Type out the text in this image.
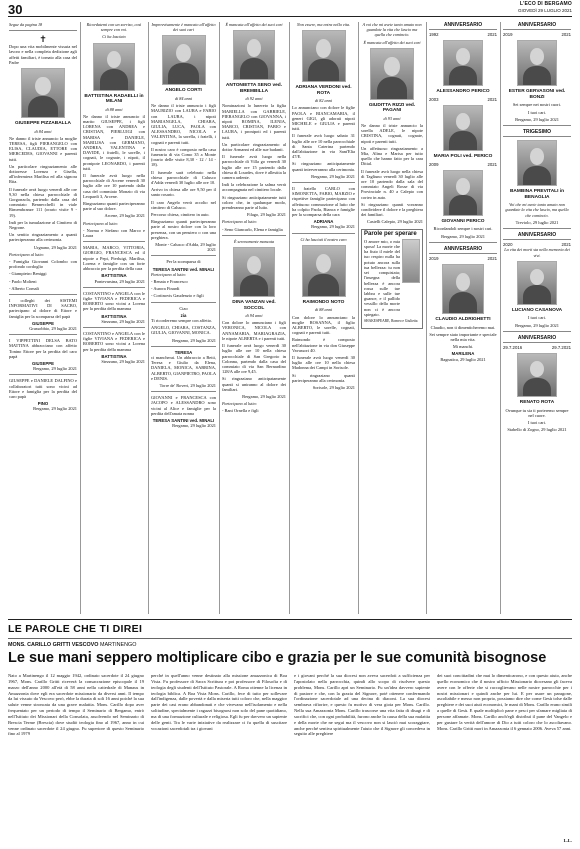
30	L'ECO DI BERGAMO
GIOVEDÌ 29 LUGLIO 2021

Segue da pagina 18

✝

Dopo una vita mobilmente vissuta nel lavoro e nella completa dedizione agli affetti familiari, è tornato alla casa del Padre

GIUSEPPE PIZZABALLA
di 84 anni

Ne danno il triste annuncio la moglie TERESA, figli PIERANGELO con ELISA, CLAUDIA, ETTORE con MERCEDES, GIOVANNI e parenti tutti.

Un particolare ringraziamento alle dottoresse Lorenza e Gisella, all'infermiera Marilisa ed alla signora Rita.

Il funerale avrà luogo venerdì alle ore 9,30 nella chiesa parrocchiale di Gorgonzola, partendo dalla casa del commiato Bennecchelli in viale Rimembranze 111 (orario visite 9 - 19).

Indi per la tumulazione al Cimitero di Negrone.

Un sentito ringraziamento a quanti parteciperanno alla cerimonia.

Urgnano, 29 luglio 2021

Partecipano al lutto:

- Famiglia Giovanni Colombo con profondo cordoglio

- Giampietro Beniggi

- Paolo Molteni

- Alberto Cornali

I colleghi dei SISTEMI INFORMATIVI DI SACBO, partecipano al dolore di Ettore e famiglia per la scomparsa del papà

GIUSEPPE

Grassobbio, 29 luglio 2021

I VIPPETTINI DELSA BATO MATTINA abbracciano con affetto Tonino Ettore per la perdita del caro papà

GIUSEPPE

Bergamo, 29 luglio 2021

GIUSEPPE e DANIELE DALFINO e collaboratori tutti sono vicini ad Ettore e famiglia per la perdita del caro papà

PINO

Bergamo, 29 luglio 2021

Ricordatemi con un sorriso, così sempre con voi.

Ci ha lasciato

BATTISTINA RADAELLI in MILANI
di 88 anni

Ne danno il triste annuncio il marito GIUSEPPE, i figli LORENA con ANDREA e CRISTIAN, PIERLUIGI con MARISA e DANIELE, MARILISA con GERMANO, ANDREA, VALENTINA e DAVIDE, i fratelli, le sorelle, i cognati, le cognate, i nipoti, il pronipote LEONARDO, i parenti tutti.

Il funerale avrà luogo nella parrocchiale di Arcene venerdì 30 luglio alle ore 10 partendo dalla casa del commiato Monzio di via Leopardi 3, Arcene.

Ringraziamo quanti parteciperanno parte al suo dolore.

Arcene, 29 luglio 2021

Partecipano al lutto:

- Norma e Stefano con Marco e Laura

MARIA, MARCO, VITTORIA, GIORGIO, FRANCESCA ed il nipote a Pepi, Pierluigi, Marilisa, Lorena e famiglie con un forte abbraccio per la perdita della cara

BATTISTINA

Pontevarsina, 29 luglio 2021

COSTANTINO e ANGELA con le figlie VIVIANA e FEDERICA e ROBERTO sono vicini a Lorena per la perdita della mamma

BATTISTINA

Stezzano, 29 luglio 2021

COSTANTINO e ANGELA con le figlie VIVIANA e FEDERICA e ROBERTO sono vicini a Lorena per la perdita della mamma

BATTISTINA

Stezzano, 29 luglio 2021

Improvvisamente è mancato all'affetto dei suoi cari

ANGELO CORTI
di 84 anni

Ne danno il triste annuncio i figli MAURIZIO con LAURA e FABIO con LAURA, i nipoti MARIANGELA, CHIARA, GIULIA, LUCA, PAOLA con ALESSANDRO, NICOLA e VALENTINA, la sorella, i fratelli, i cognati e parenti tutti.

Il nostro caro è composto nella casa funeraria di via Como 35 a Monte (orario delle visite 8,30 - 12 / 14 - 18).

Il funerale sarà celebrato nella chiesa parrocchiale di Calusco d'Adda venerdì 30 luglio alle ore 10.

Arrivo in chiesa alle ore 9,50 per il santo rosario.

Il caro Angelo verrà accolto nel cimitero di Calusco.

Percorso chiesa, cimitero in auto.

Ringraziamo quanti parteciperanno parte al nostro dolore con la loro presenza, con un pensiero o con una preghiera.

Monte - Calusco d'Adda, 29 luglio 2021

Per la scomparsa di

TERESA SANTINI ved. MINALI

Partecipano al lutto:

- Renata e Francesco

- Aurora Finardi

- Cortinovis Gaudenzio e figli

Ciao

zia

Ti ricorderemo sempre con affetto.

ANGELO, CHIARA, COSTANZA, GIULIA, GIOVANNI, MONICA.

Bergamo, 29 luglio 2021

TERESA

ci mancherai. Un abbraccio a Betti, Teresa e Giulio da Elena, DANIELA, MONICA, SABRINA, ALBERTO, GIANPIETRO, PAOLA e DENIS.

Torre de' Roveri, 29 luglio 2021

GIOVANNI e FRANCESCA con JACOPO e ALESSANDRO sono vicini al Alice e famiglie per la perdita dell'amata nonna

TERESA SANTINI ved. MINALI

Bergamo, 29 luglio 2021

È mancata all'affetto dei suoi cari

ANTONIETTA SENO ved. BREMBILLA
di 92 anni

Nominazioni lo lunereto la figlia MARIELLA con GABRIELE, PIERANGELO con GIOVANNA, i nipoti ROMINA, ILENIA, MARCO, CRISTIAN, FABIO e LAURA, i pronipoti ed i parenti tutti.

Un particolare ringraziamento al dottor Armanni ed alle sue badanti.

Il funerale avrà luogo nella parrocchiale di Villa go venerdì 30 luglio alle ore 15 partendo dalla chiesa di Lourdes, dove è allestita la camera ardente.

Indi la celebrazione la salma verrà accompagnata nel cimitero locale.

Si ringraziano anticipatamente tutti coloro che, in qualunque modo, prenderanno parte al lutto.

Filago, 29 luglio 2021

Partecipano al lutto:

- Seno Giancarlo, Elena e famiglia

È serenamente mancata

DINA VANZAN ved. SOCCOL
di 94 anni

Con dolore lo annunciano i figli VERONICA, NICOLA con ANNAMARIA, MARIAGRAZIA, le nipote ALBERTA e i parenti tutti.

Il funerale avrà luogo venerdì 30 luglio alle ore 10 nella chiesa parrocchiale di San Gregorio in Colonna, partendo dalla casa del commiato di via San Bernardino 128/A alle ore 9,45.

Si ringraziano anticipatamente quanti si uniranno al dolore dei familiari.

Bergamo, 29 luglio 2021

Partecipano al lutto:

- Bani Ornella e figli

Non essere, ma entra nella vita.

ADRIANA VERDONI ved. ROTA
di 82 anni

Lo annunciano con dolore le figlie PAOLA e BIANCAMARIA, il generi GIGI, gli adorati nipoti MICHELE e GIULIA e parenti tutti.

Il funerale avrà luogo sabato 31 luglio alle ore 10 nella parrocchiale di Santa Caterina partendo dall'abitazione in via Sant'Elia 47/E.

Si ringraziano anticipatamente quanti interverranno alla cerimonia.

Bergamo, 29 luglio 2021

Il fratello CARLO con SIMONETTA, FABIO, MARZIO e rispettive famiglie partecipano con affettuoso commozione al lutto che ha colpito Paola, Bianca e famiglie per la scomparsa della cara

ADRIANA

Bergamo, 29 luglio 2021

Ci ha lasciati il nostro caro

RAIMONDO NOTO
di 88 anni

Con dolore lo annunciano la moglie ROSANNA, il figlio ALBERTO, le sorelle, cognati, cognati e parenti tutti.

Raimondo è composto nell'abitazione in via don Giuseppe Vavassori 40.

Il funerale avrà luogo venerdì 30 luglio alle ore 10 nella chiesa Madonna dei Campi in Sorisole.

Si ringraziano quanti parteciperanno alla cerimonia.

Sorisole, 29 luglio 2021

A voi che mi avete tanto amato non guardate la vita che lascio ma quella che comincio.

È mancata all'affetto dei suoi cari

GIUDITTA RIZZI ved. PAGANI
di 93 anni

Ne danno il triste annuncio la sorella ADELE, le nipote CRISTINA, cognati, cognate, nipoti e parenti tutti.

Un affettuoso ringraziamento a Mia, Alina e Marisa per tutto quello che hanno fatto per la cara Dittal.

Il funerale avrà luogo nella chiesa di Tagliuno venerdì 30 luglio alle ore 10 partendo dalla sala del commiato Angeli Rosse di via Provinciale n. 40 a Calepio con corteo in auto.

Si ringraziano quanti vorranno condividere il dolore e la preghiera dei familiari.

Castelli Calepio, 29 luglio 2021

Parole per sperare

O amore mio, o mia sposa! La morte che ha fiuto il miele del tuo respiro nulla ha potuto ancora sulla tua bellezza: tu non sei conquistata; l'insegna della bellezza è ancora rossa sulle tue labbra e sulle tue guance, e il pallido vessillo della morte non ci è ancora spiegato.

SHAKESPEARE, Romeo e Giulietta

ANNIVERSARIO
1992	2021
ALESSANDRO PERICO
2003	2021
MARIA POLI ved. PERICO
2009	2021
GIOVANNI PERICO

Ricordandoli sempre i nostri cari.

Bergamo, 29 luglio 2021

ANNIVERSARIO
2019	2021
CLAUDIO ALDRIGHETTI

Claudio, non ti dimenticheremo mai.

Sei sempre stato importante e speciale nella mia vita.

Mi manchi.

MARILENA

Bagnatica, 29 luglio 2021

ANNIVERSARIO
2019	2021
ESTER GERVASONI ved. BONZI

Sei sempre nei nostri cuori.

I tuoi cari.

Bergamo, 29 luglio 2021

TRIGESIMO
BAMBINA PREVITALI in BENAGLIA

Voi che mi avete tanto amato non guardate la vita che lascio, ma quella che comincio.

Treviolo, 29 luglio 2021

ANNIVERSARIO
2020	2021

La vita dei morti sta nella memoria dei vivi.

LUCIANO CASANOVA

I tuoi cari.

Bergamo, 29 luglio 2021

ANNIVERSARIO
29.7.2016	29.7.2021
RENATO ROTA

Ovunque tu sia ti porteremo sempre nel cuore.

I tuoi cari.

Stabello di Zogno, 29 luglio 2021

LE PAROLE CHE TI DIREI
MONS. CARILLO GRITTI VESCOVO MARTINENGO
Le sue mani seppero moltiplicare cibo e grazia per le sue comunità bisognose
Nato a Martinengo il 12 maggio 1942, ordinato sacerdote il 24 giugno 1967, Mons. Carillo Gritti riceverà la consacrazione episcopale il 19 marzo dell'anno 2000 all'età di 58 anni nella cattedrale di Manaus in Amazzonia dove egli era sacerdote missionario da diversi anni. Il tempo da lui vissuto da Vescovo però, ebbe la durata di soli 16 anni poiché la sua salute venne stroncata da una grave malattia. Mons. Carillo dopo aver frequentato per un periodo di tempo il Seminario di Bergamo, entrò nell'Istituto dei Missionari della Consolata, assolvendo nel Seminario di Brescia Terme (Brescia) dove studiò teologia fino al 1967, anno in cui venne ordinato sacerdote il 24 giugno. Fu superiore di questo Seminario fino al 1979
perché in quell'anno venne destinato alla missione amazzonica di Boa Vista. Fu professore di Sacra Scrittura e poi professore di Filosofia e di teologia degli studenti dell'Istituto Pastorale. A Roma ottenne la licenza in teologia biblica. A Boa Vista Mons. Carillo, fece di tutto per sollevare dall'indigenza, dalle povertà e dalla miseria tutti coloro che, nella maggior parte dei casi erano abbandonati e che vivevano nell'isolamento e nella solitudine, specialmente i ragazzi bisognosi non solo del pane quotidiano, ma di una formazione culturale e religiosa. Egli fu per davvero un sapiente delle genti. Tra le varie iniziative da realizzare ci fu quella di suscitare vocazioni sacerdotali tra i giovani
e i giovani perché la sua diocesi non aveva sacerdoti a sufficienza per l'apostolato nella parrocchia, quindi allo scopo di risolvere questo problema, Mons. Carillo aprì un Seminario. Fu un'idea davvero sapiente di pastore e che, con la grazia del Signore, poté ottenere confermando l'ordinazione sacerdotale ad una decina di diaconi. La sua diocesi sembrava rifiorire, e questo fu motivo di vera gioia per Mons. Carillo. Nella sua Amazzonia Mons. Carillo trascorse una vita fatta di disagi e di sacrifici che, con ogni probabilità, furono anche la causa della sua malattia e della morte che ne seguì ma il vescovo non si lasciò mai scoraggiare, anche perché sentiva spiritualmente l'aiuto che il Signore gli concedeva in seguito alle preghiere
dei suoi concittadini che mai lo dimenticarono, e con questo aiuto, anche quello economico che il nostro ufficio Missionario diocesano gli faceva avere con le offerte che si raccoglievano nelle nostre parrocchie per i nostri missionari e quindi anche per lui. E per usare un paragone, ascoltabile e messo non proprio, possiamo dire che come Gesù tolse dalle preghiere e dei suoi aiuti economici, le mani di Mons. Carillo erano simili a quelle di Gesù. E quale moltiplicò pane e pesci per sfamare migliaia di persone affamate. Mons. Carillo anch'egli distribuì il pane del Vangelo e per gustare la verità dell'amore di Dio a tutti coloro che lo ascoltavano. Mons. Carillo Gritti morì in Amazzonia il 6 gennaio 2006. Aveva 57 anni.
L.L.
